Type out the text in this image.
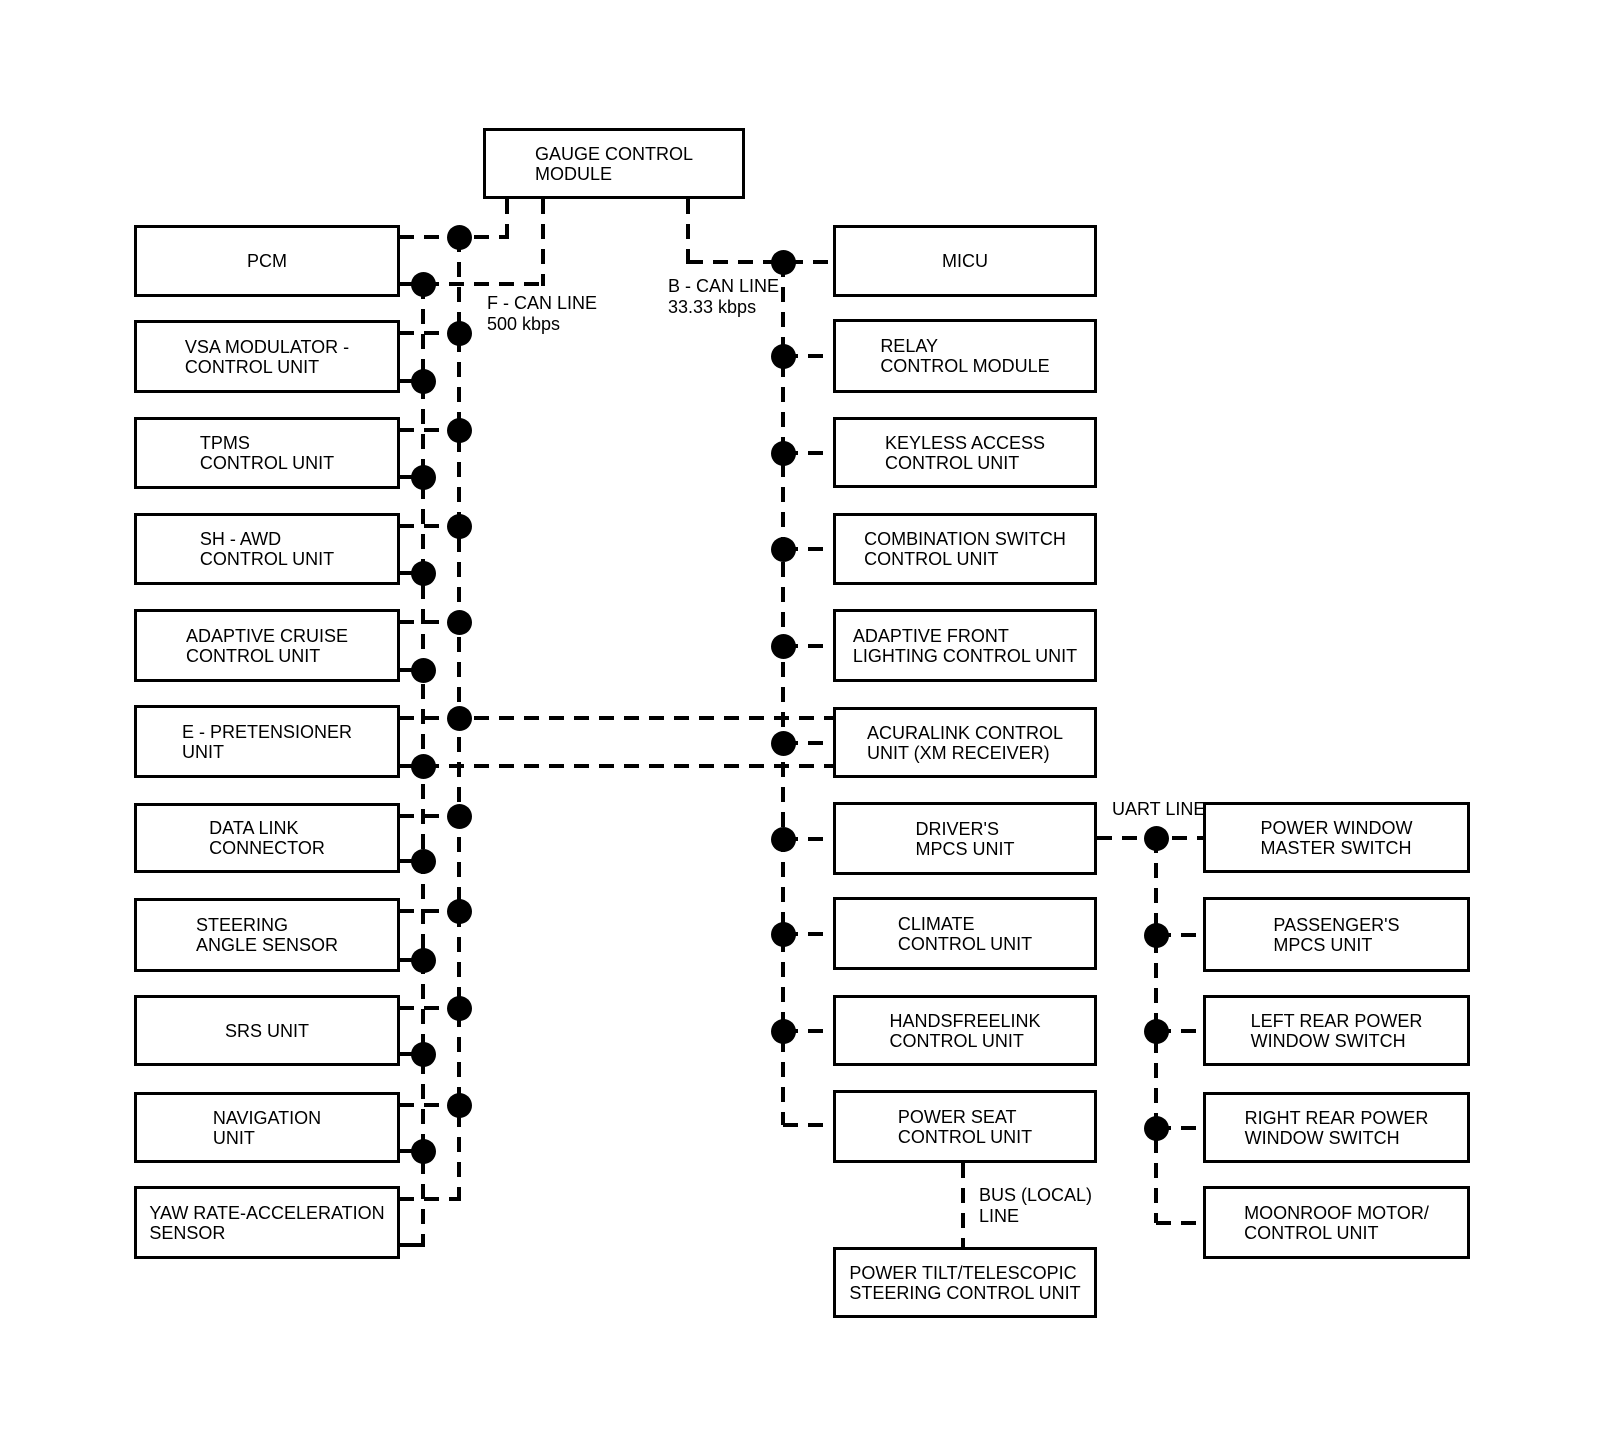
GAUGE CONTROL
MODULE
PCM
VSA MODULATOR -
CONTROL UNIT
TPMS
CONTROL UNIT
SH - AWD
CONTROL UNIT
ADAPTIVE CRUISE
CONTROL UNIT
E - PRETENSIONER
UNIT
DATA LINK
CONNECTOR
STEERING
ANGLE SENSOR
SRS UNIT
NAVIGATION
UNIT
YAW RATE-ACCELERATION
SENSOR
MICU
RELAY
CONTROL MODULE
KEYLESS ACCESS
CONTROL UNIT
COMBINATION SWITCH
CONTROL UNIT
ADAPTIVE FRONT
LIGHTING CONTROL UNIT
ACURALINK CONTROL
UNIT (XM RECEIVER)
DRIVER'S
MPCS UNIT
CLIMATE
CONTROL UNIT
HANDSFREELINK
CONTROL UNIT
POWER SEAT
CONTROL UNIT
POWER TILT/TELESCOPIC
STEERING CONTROL UNIT
POWER WINDOW
MASTER SWITCH
PASSENGER'S
MPCS UNIT
LEFT REAR POWER
WINDOW SWITCH
RIGHT REAR POWER
WINDOW SWITCH
MOONROOF MOTOR/
CONTROL UNIT
F - CAN LINE
500 kbps
B - CAN LINE
33.33 kbps
UART LINE
BUS (LOCAL)
LINE
